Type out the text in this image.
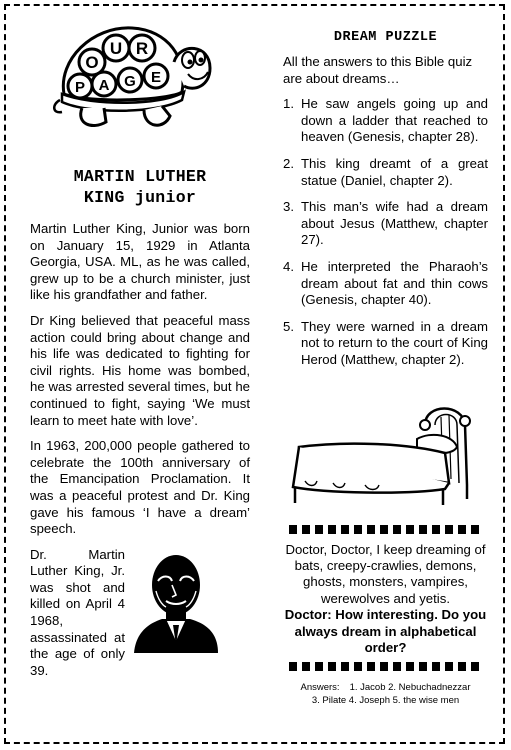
O
U R
P A G E
MARTIN LUTHER
KING junior

Martin Luther King, Junior was born on January 15, 1929 in Atlanta Georgia, USA. ML, as he was called, grew up to be a church minister, just like his grandfather and father.

Dr King believed that peaceful mass action could bring about change and his life was dedicated to fighting for civil rights. His home was bombed, he was arrested several times, but he continued to fight, saying ‘We must learn to meet hate with love’.

In 1963, 200,000 people gathered to celebrate the 100th anniversary of the Emancipation Proclamation. It was a peaceful protest and Dr. King gave his famous ‘I have a dream’ speech.

Dr. Martin Luther King, Jr. was shot and killed on April 4 1968, assassinated at the age of only 39.
DREAM PUZZLE

All the answers to this Bible quiz are about dreams…

1. He saw angels going up and down a ladder that reached to heaven (Genesis, chapter 28).
2. This king dreamt of a great statue (Daniel, chapter 2).
3. This man’s wife had a dream about Jesus (Matthew, chapter 27).
4. He interpreted the Pharaoh’s dream about fat and thin cows (Genesis, chapter 40).
5. They were warned in a dream not to return to the court of King Herod (Matthew, chapter 2).

Doctor, Doctor, I keep dreaming of bats, creepy-crawlies, demons, ghosts, monsters, vampires, werewolves and yetis.
Doctor: How interesting. Do you always dream in alphabetical order?

Answers: 1. Jacob 2. Nebuchadnezzar
3. Pilate 4. Joseph 5. the wise men
